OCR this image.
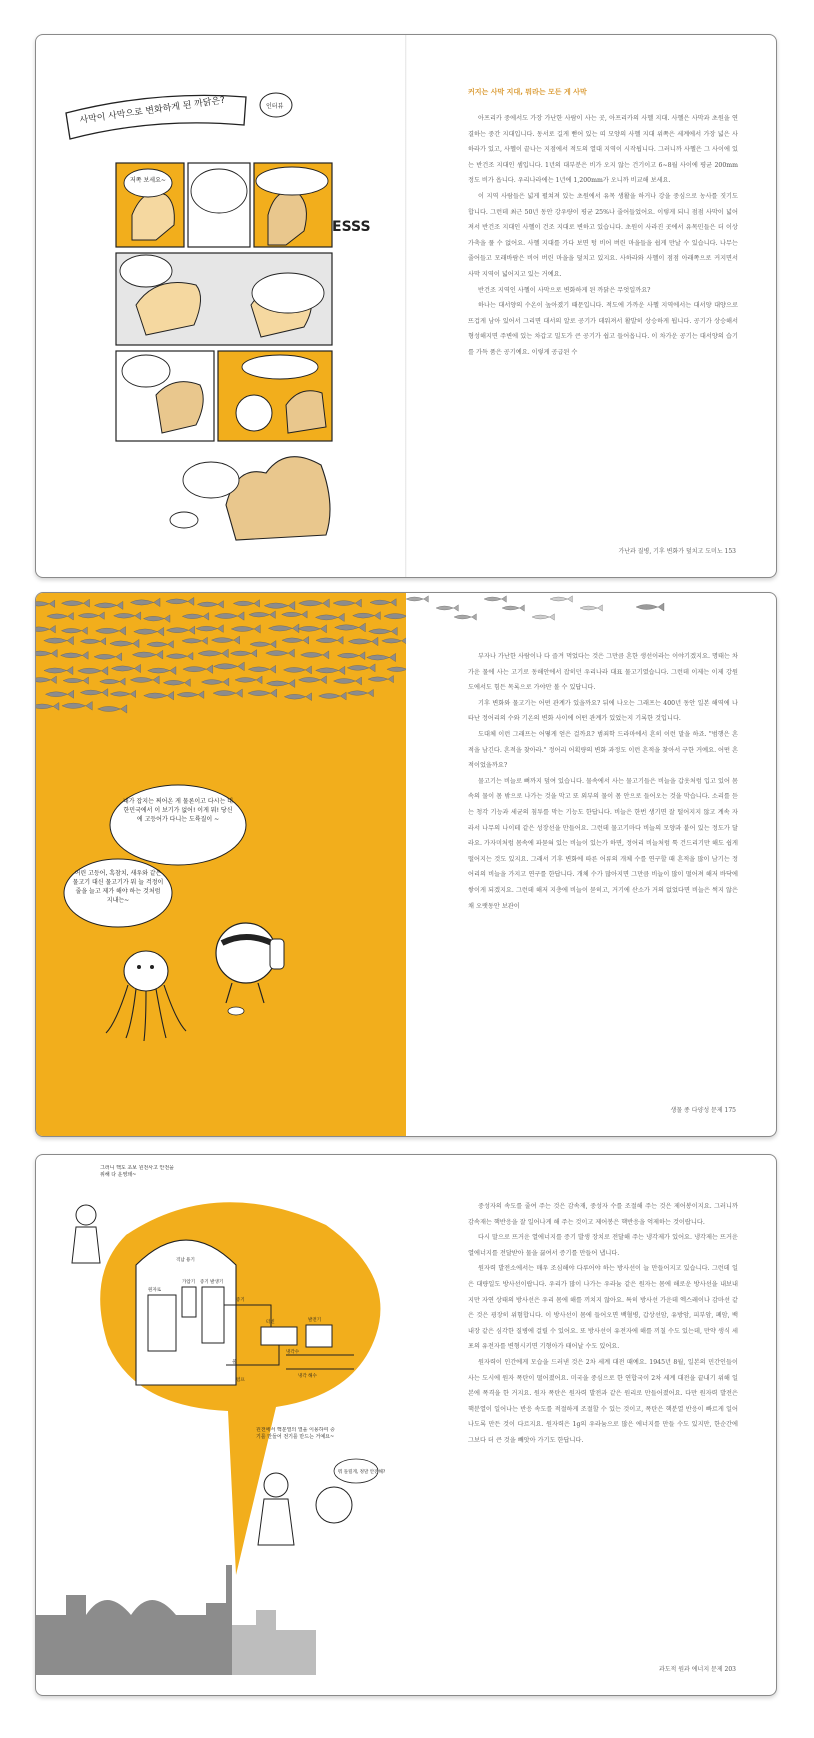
사막이 사막으로 변화하게 된 까닭은?	인터뷰
저쪽 보세요~
ESSS
커지는 사막 지대, 뭐라는 모든 게 사막

아프리카 중에서도 가장 가난한 사람이 사는 곳, 아프리카의 사헬 지대. 사헬은 사막과 초원을 연결하는 중간 지대입니다. 동서로 길게 뻗어 있는 띠 모양의 사헬 지대 위쪽은 세계에서 가장 넓은 사하라가 있고, 사헬이 끝나는 지점에서 적도의 열대 지역이 시작됩니다. 그러니까 사헬은 그 사이에 있는 반건조 지대인 셈입니다. 1년의 대부분은 비가 오지 않는 건기이고 6~8월 사이에 평균 200mm 정도 비가 옵니다. 우리나라에는 1년에 1,200mm가 오니까 비교해 보세요.

이 지역 사람들은 넓게 펼쳐져 있는 초원에서 유목 생활을 하거나 강을 중심으로 농사를 짓기도 합니다. 그런데 최근 50년 동안 강우량이 평균 25%나 줄어들었어요. 이렇게 되니 점점 사막이 넓어져서 반건조 지대인 사헬이 건조 지대로 변하고 있습니다. 초원이 사라진 곳에서 유목민들은 더 이상 가축을 풀 수 없어요. 사헬 지대를 가다 보면 텅 비어 버린 마을들을 쉽게 만날 수 있습니다. 나무는 줄어들고 모래바람은 비어 버린 마을을 덮치고 있지요. 사하라와 사헬이 점점 아래쪽으로 커지면서 사막 지역이 넓어지고 있는 거예요.

반건조 지역인 사헬이 사막으로 변화하게 된 까닭은 무엇일까요?

하나는 대서양의 수온이 높아졌기 때문입니다. 적도에 가까운 사헬 지역에서는 대서양 대양으로 뜨겁게 남아 있어서 그리면 대서의 알로 공기가 데워져서 활발히 상승하게 됩니다. 공기가 상승해서 형성해지면 주변에 있는 차갑고 밀도가 큰 공기가 쉽고 들어옵니다. 이 차가운 공기는 대서양의 습기를 가득 품은 공기예요. 이렇게 공급된 수

가난과 질병, 기후 변화가 덮치고 도미노 153
내가 잡지는 쩌어온 게 물론이고 다시는 대한민국에서 이 보기가 없어! 이게 뭐! 당신에 고등어가 다니는 도륙질이 ~
어린 고등어, 흑참치, 새우와 같은 물고기 대신 물고기가 뭐 늘 걱정이 줄을 늘고 제가 해야 하는 것처럼 지내는~

부자나 가난한 사람이나 다 즐겨 먹었다는 것은 그만큼 흔한 생선이라는 이야기겠지요. 명태는 차가운 물에 사는 고기로 동해안에서 잡히던 우리나라 대표 물고기였습니다. 그런데 이제는 이제 강원도에서도 힘든 목록으로 가야만 볼 수 있답니다.

기후 변화와 물고기는 어떤 관계가 있을까요? 뒤에 나오는 그래프는 400년 동안 일본 해역에 나타난 정어리의 수와 기온의 변화 사이에 어떤 관계가 있었는지 기록한 것입니다.

도대체 이런 그래프는 어떻게 얻은 걸까요? 범죄학 드라마에서 흔히 이런 말을 하죠. "범행은 흔적을 남긴다. 흔적을 찾아라." 정어리 어획량의 변화 과정도 이런 흔적을 찾아서 구한 거예요. 어떤 흔적이었을까요?

물고기는 비늘로 뼈까지 덮여 있습니다. 물속에서 사는 물고기들은 비늘을 갑옷처럼 입고 있어 몸속의 물이 몸 밖으로 나가는 것을 막고 또 외부의 물이 몸 안으로 들어오는 것을 막습니다. 소리를 듣는 청각 기능과 세균의 침투를 막는 기능도 한답니다. 비늘은 한번 생기면 잘 떨어지지 않고 계속 자라서 나무의 나이테 같은 성장선을 만들어요. 그런데 물고기마다 비늘의 모양과 붙어 있는 정도가 달라요. 가자미처럼 몸속에 파묻혀 있는 비늘이 있는가 하면, 정어리 비늘처럼 툭 건드리기만 해도 쉽게 떨어지는 것도 있지요. 그래서 기후 변화에 따른 어류의 개체 수를 연구할 때 흔적을 많이 남기는 정어리의 비늘을 가지고 연구를 한답니다. 개체 수가 많아지면 그만큼 비늘이 많이 떨어져 해저 바닥에 쌓이게 되겠지요. 그런데 해저 지층에 비늘이 묻히고, 거기에 산소가 거의 없었다면 비늘은 썩지 않은 채 오랫동안 보관이

생물 종 다양성 문제 175
격납 용기
원자로
가압기 증기 발생기
증기
터빈	발전기
냉각수
물
펌프
냉각 해수
그러니 핵도 초보 원전사고 안전을 위해 다 운영돼~
원전에서 핵분열의 열을 이용하여 증기를 만들어 전기를 만드는 거예요~
뭐 돌릴게, 정말 안전해?

중성자의 속도를 줄여 주는 것은 감속재, 중성자 수를 조절해 주는 것은 제어봉이지요. 그러니까 감속재는 핵반응을 잘 일어나게 해 주는 것이고 제어봉은 핵반응을 억제하는 것이랍니다.

다시 말으로 뜨거운 열에너지를 증기 발생 장치로 전달해 주는 냉각제가 있어요. 냉각제는 뜨거운 열에너지를 전달받아 물을 끓여서 증기를 만들어 냅니다.

원자력 발전소에서는 매우 조심해야 다루어야 하는 방사선이 늘 만들어지고 있습니다. 그런데 일은 대량일도 방사선이랍니다. 우리가 많이 나가는 우라늄 같은 원자는 몸에 해로운 방사선을 내보내지만 자연 상태의 방사선은 우리 몸에 해를 끼치지 않아요. 특히 방사선 가운데 엑스레이나 감마선 같은 것은 굉장히 위험합니다. 이 방사선이 몸에 들어오면 백혈병, 갑상선암, 유방암, 피부암, 폐암, 백내장 같은 심각한 질병에 걸릴 수 있어요. 또 방사선이 유전자에 해를 끼칠 수도 있는데, 만약 생식 세포의 유전자를 변형시키면 기형아가 태어날 수도 있어요.

원자력이 인간에게 모습을 드러낸 것은 2차 세계 대전 때예요. 1945년 8월, 일본의 민간인들이 사는 도시에 원자 폭탄이 떨어졌어요. 미국을 중심으로 한 연합국이 2차 세계 대전을 끝내기 위해 일본에 폭격을 한 거지요. 원자 폭탄은 원자력 발전과 같은 원리로 만들어졌어요. 다만 원자력 발전은 핵분열이 일어나는 반응 속도를 적절하게 조절할 수 있는 것이고, 폭탄은 핵분열 반응이 빠르게 일어나도록 만든 것이 다르지요. 원자력은 1g의 우라늄으로 많은 에너지를 만들 수도 있지만, 한순간에 그보다 더 큰 것을 빼앗아 가기도 한답니다.

과도적 원과 에너지 문제 203
